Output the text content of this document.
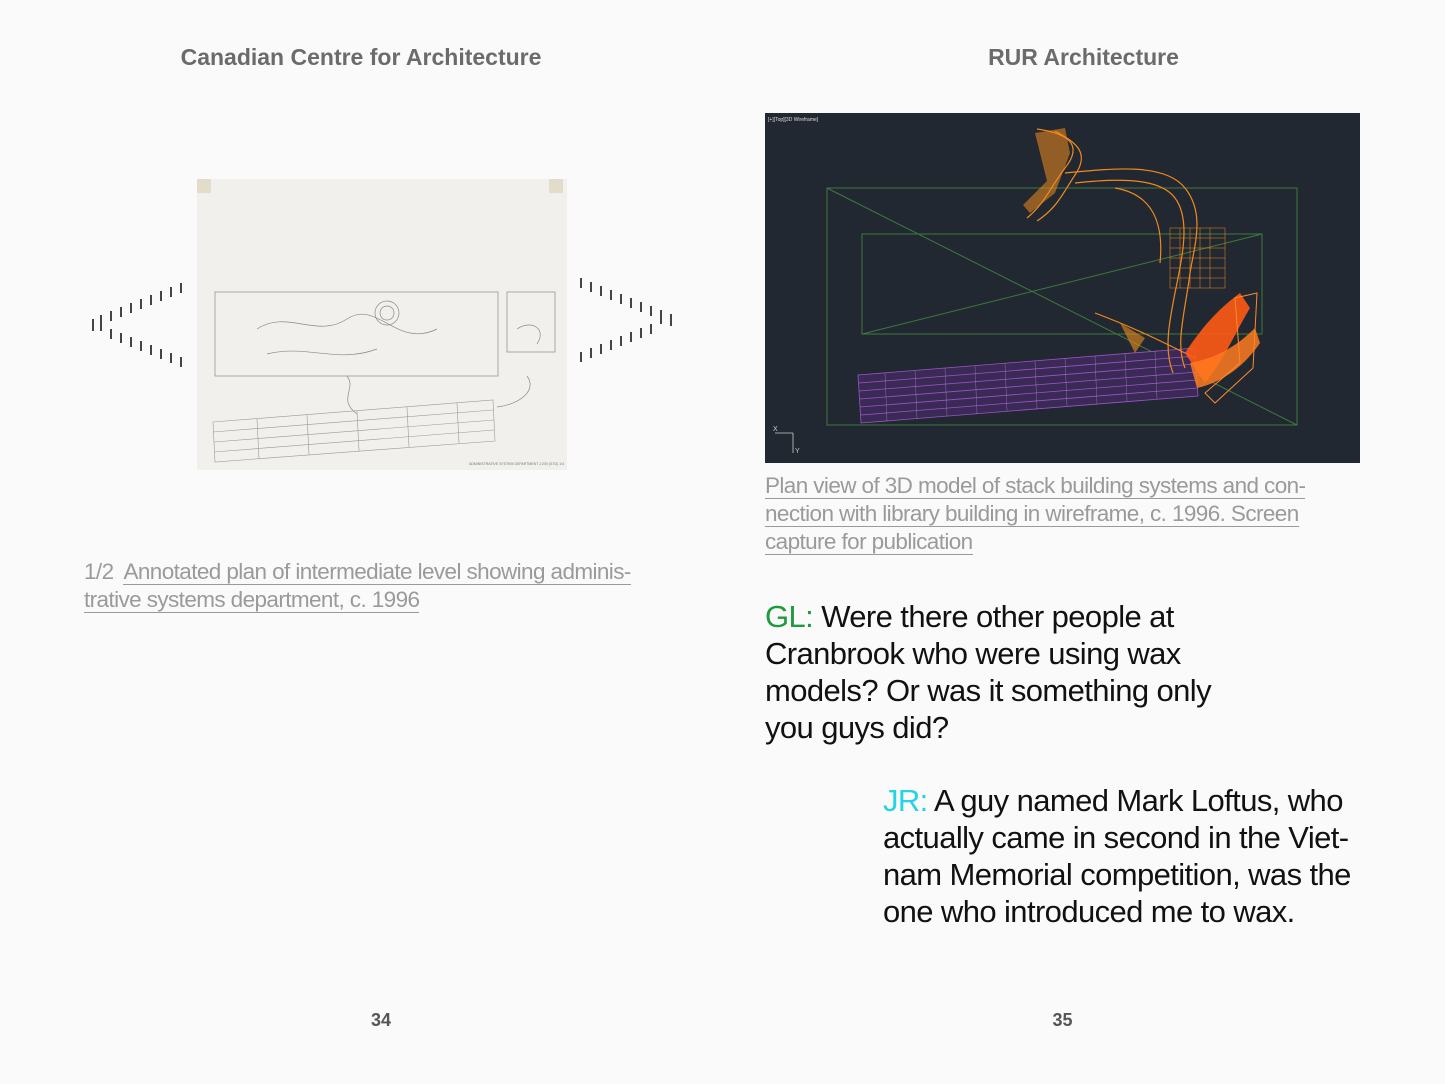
Canadian Centre for Architecture
ADMINISTRATIVE SYSTEM DEPARTMENT 1:200 (STD) 1/4
1/2 Annotated plan of intermediate level showing adminis-
trative systems department, c. 1996
34
RUR Architecture
[+][Top][3D Wireframe]
X
Y
Plan view of 3D model of stack building systems and con-
nection with library building in wireframe, c. 1996. Screen
capture for publication
GL: Were there other people at
Cranbrook who were using wax
models? Or was it something only
you guys did?
JR: A guy named Mark Loftus, who
actually came in second in the Viet-
nam Memorial competition, was the
one who introduced me to wax.
35
